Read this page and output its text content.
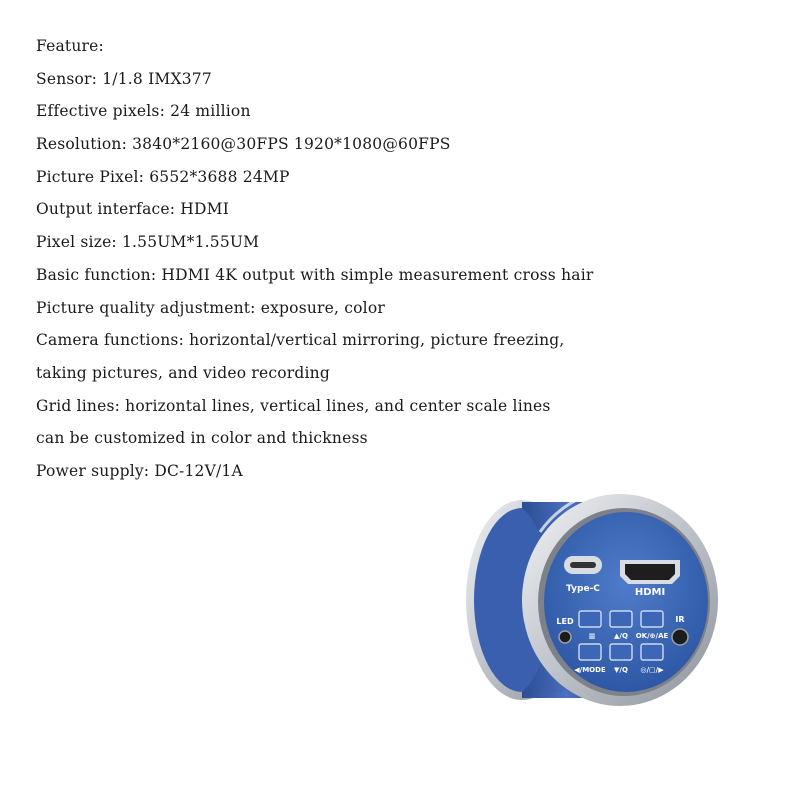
Feature:
Sensor: 1/1.8 IMX377
Effective pixels: 24 million
Resolution: 3840*2160@30FPS 1920*1080@60FPS
Picture Pixel: 6552*3688 24MP
Output interface: HDMI
Pixel size: 1.55UM*1.55UM
Basic function: HDMI 4K output with simple measurement cross hair
Picture quality adjustment: exposure, color
Camera functions: horizontal/vertical mirroring, picture freezing,
taking pictures, and video recording
Grid lines: horizontal lines, vertical lines, and center scale lines
can be customized in color and thickness
Power supply: DC-12V/1A
Type-C	HDMI
LED	IR
≡	▲/Q OK/⊕/AE
◀/MODE ▼/Q ◎/▢/▶
